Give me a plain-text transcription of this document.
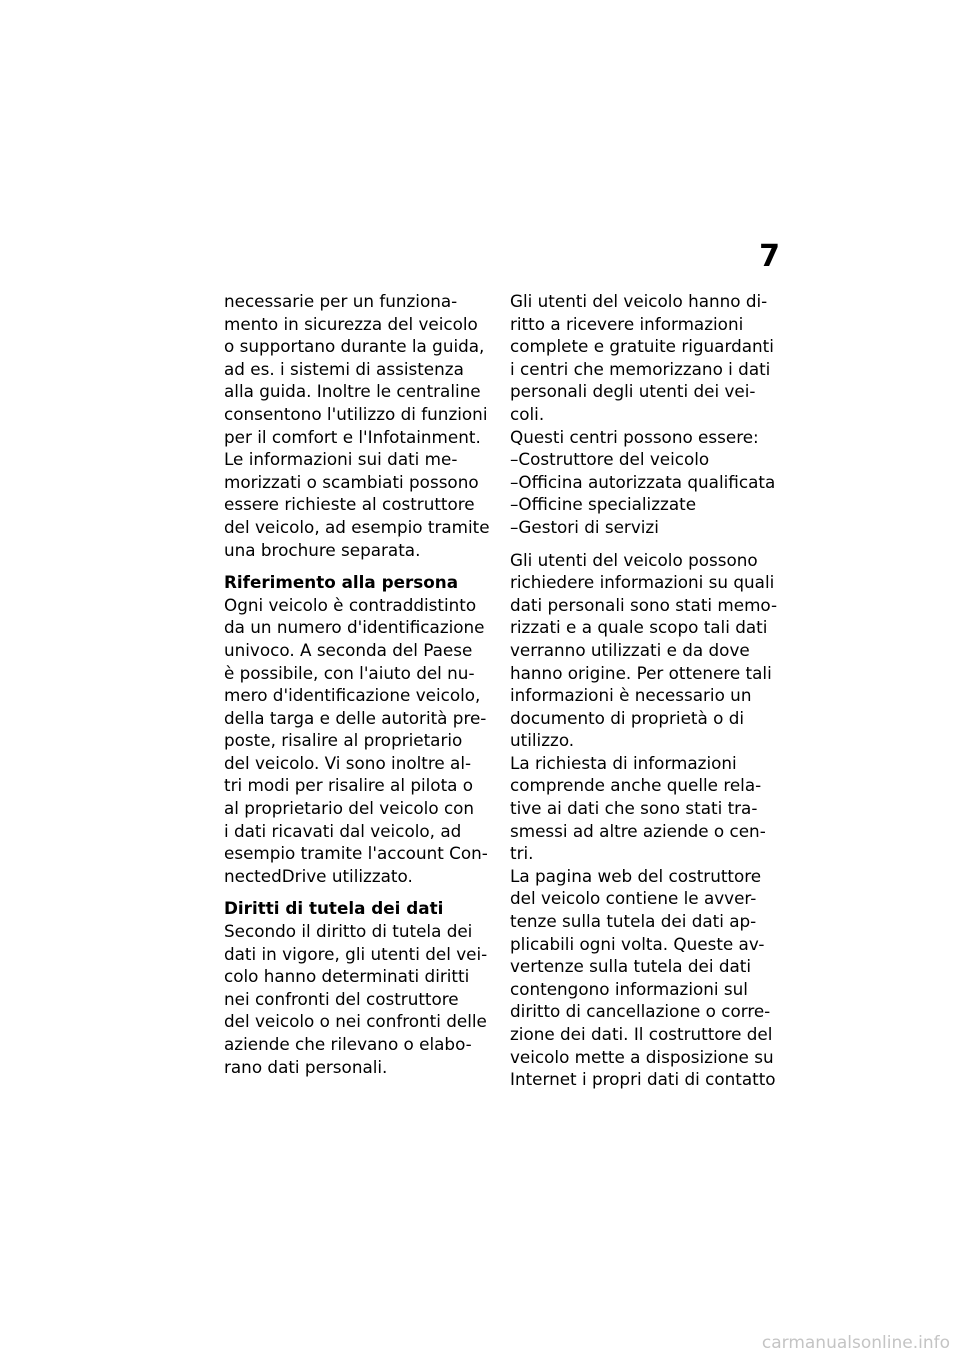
7
necessarie per un funziona-
mento in sicurezza del veicolo
o supportano durante la guida,
ad es. i sistemi di assistenza
alla guida. Inoltre le centraline
consentono l'utilizzo di funzioni
per il comfort e l'Infotainment.
Le informazioni sui dati me-
morizzati o scambiati possono
essere richieste al costruttore
del veicolo, ad esempio tramite
una brochure separata.
Riferimento alla persona
Ogni veicolo è contraddistinto
da un numero d'identificazione
univoco. A seconda del Paese
è possibile, con l'aiuto del nu-
mero d'identificazione veicolo,
della targa e delle autorità pre-
poste, risalire al proprietario
del veicolo. Vi sono inoltre al-
tri modi per risalire al pilota o
al proprietario del veicolo con
i dati ricavati dal veicolo, ad
esempio tramite l'account Con-
nectedDrive utilizzato.
Diritti di tutela dei dati
Secondo il diritto di tutela dei
dati in vigore, gli utenti del vei-
colo hanno determinati diritti
nei confronti del costruttore
del veicolo o nei confronti delle
aziende che rilevano o elabo-
rano dati personali.
Gli utenti del veicolo hanno di-
ritto a ricevere informazioni
complete e gratuite riguardanti
i centri che memorizzano i dati
personali degli utenti dei vei-
coli.
Questi centri possono essere:
–Costruttore del veicolo
–Officina autorizzata qualificata
–Officine specializzate
–Gestori di servizi
Gli utenti del veicolo possono
richiedere informazioni su quali
dati personali sono stati memo-
rizzati e a quale scopo tali dati
verranno utilizzati e da dove
hanno origine. Per ottenere tali
informazioni è necessario un
documento di proprietà o di
utilizzo.
La richiesta di informazioni
comprende anche quelle rela-
tive ai dati che sono stati tra-
smessi ad altre aziende o cen-
tri.
La pagina web del costruttore
del veicolo contiene le avver-
tenze sulla tutela dei dati ap-
plicabili ogni volta. Queste av-
vertenze sulla tutela dei dati
contengono informazioni sul
diritto di cancellazione o corre-
zione dei dati. Il costruttore del
veicolo mette a disposizione su
Internet i propri dati di contatto
carmanualsonline.info
